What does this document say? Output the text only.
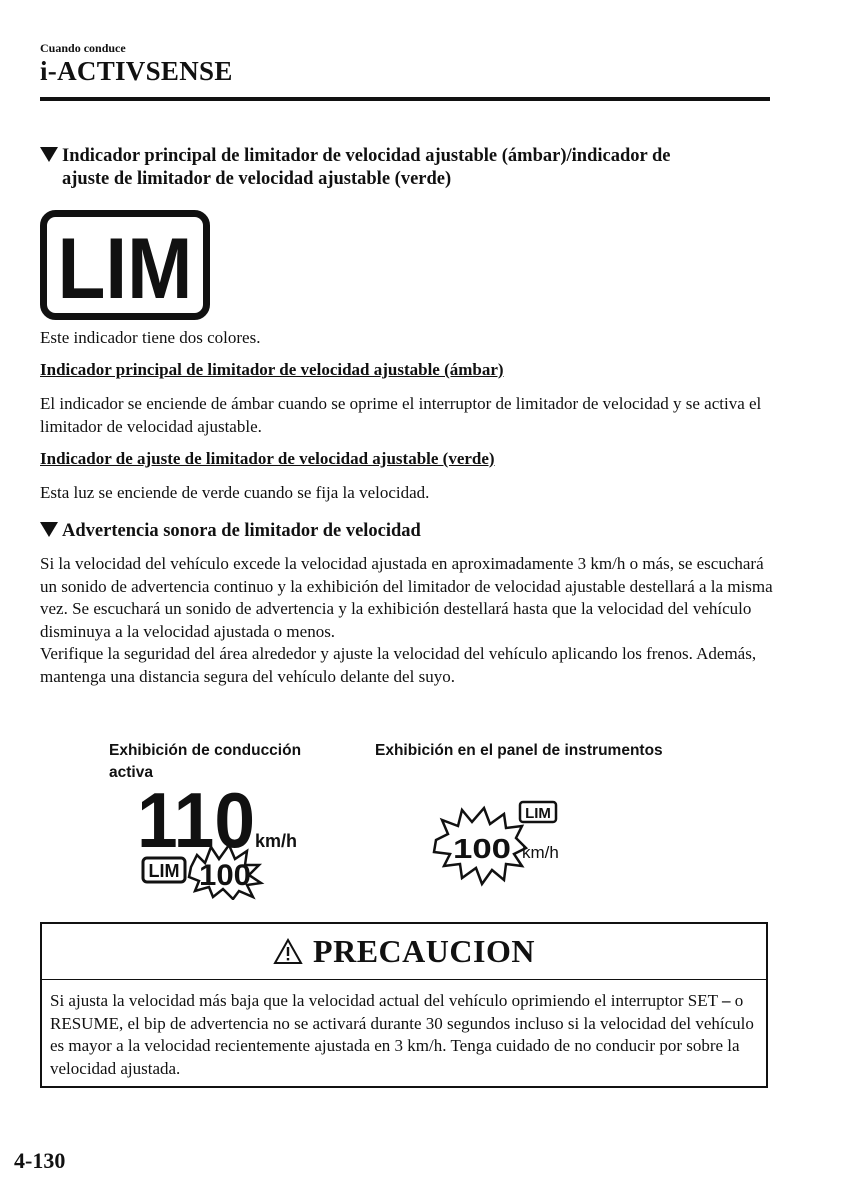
Cuando conduce
i-ACTIVSENSE
Indicador principal de limitador de velocidad ajustable (ámbar)/indicador de
ajuste de limitador de velocidad ajustable (verde)
LIM
Este indicador tiene dos colores.
Indicador principal de limitador de velocidad ajustable (ámbar)
El indicador se enciende de ámbar cuando se oprime el interruptor de limitador de velocidad y se activa el limitador de velocidad ajustable.
Indicador de ajuste de limitador de velocidad ajustable (verde)
Esta luz se enciende de verde cuando se fija la velocidad.
Advertencia sonora de limitador de velocidad
Si la velocidad del vehículo excede la velocidad ajustada en aproximadamente 3 km/h o más, se escuchará un sonido de advertencia continuo y la exhibición del limitador de velocidad ajustable destellará a la misma vez. Se escuchará un sonido de advertencia y la exhibición destellará hasta que la velocidad del vehículo disminuya a la velocidad ajustada o menos.
Verifique la seguridad del área alrededor y ajuste la velocidad del vehículo aplicando los frenos. Además, mantenga una distancia segura del vehículo delante del suyo.
Exhibición de conducción activa
Exhibición en el panel de instrumentos
110 km/h
LIM 100
LIM
100 km/h
PRECAUCION
Si ajusta la velocidad más baja que la velocidad actual del vehículo oprimiendo el interruptor SET – o RESUME, el bip de advertencia no se activará durante 30 segundos incluso si la velocidad del vehículo es mayor a la velocidad recientemente ajustada en 3 km/h. Tenga cuidado de no conducir por sobre la velocidad ajustada.
4-130
